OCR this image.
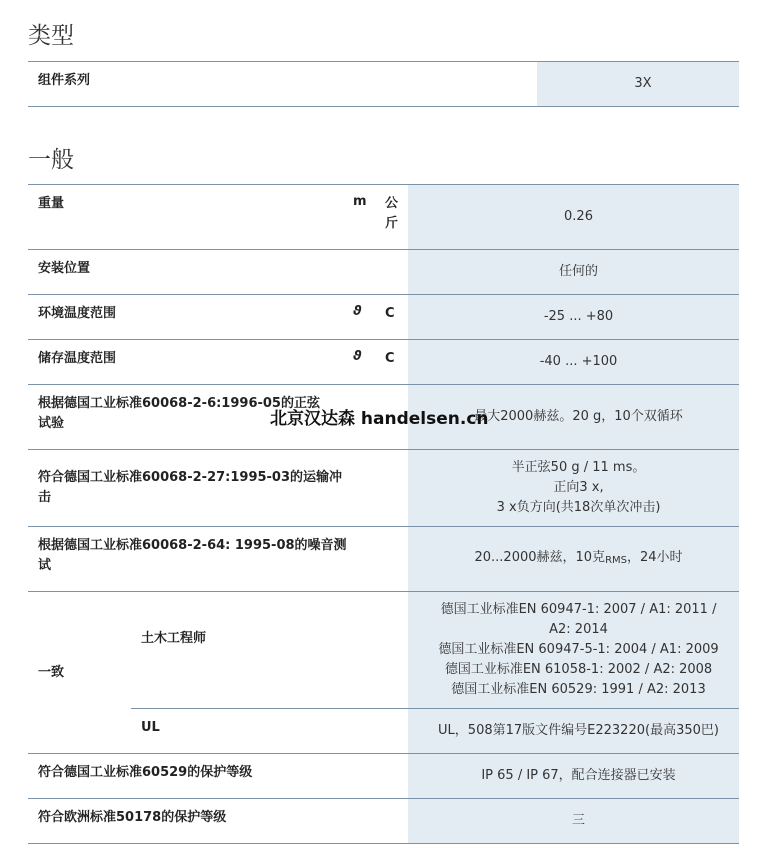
类型
组件系列	3X
一般
重量		m	公斤	0.26
安装位置				任何的
环境温度范围		ϑ	C	-25 ... +80
储存温度范围		ϑ	C	-40 ... +100
根据德国工业标准60068-2-6:1996-05的正弦试验				最大2000赫兹。20 g，10个双循环
符合德国工业标准60068-2-27:1995-03的运输冲击				半正弦50 g / 11 ms。
正向3 x,
3 x负方向(共18次单次冲击)

根据德国工业标准60068-2-64: 1995-08的噪音测试				20...2000赫兹，10克$_{RMS}$，24小时
一致	土木工程师			德国工业标准EN 60947-1: 2007 / A1: 2011 /
A2: 2014
德国工业标准EN 60947-5-1: 2004 / A1: 2009
德国工业标准EN 61058-1: 2002 / A2: 2008
德国工业标准EN 60529: 1991 / A2: 2013

	UL			UL，508第17版文件编号E223220(最高350巴)
符合德国工业标准60529的保护等级				IP 65 / IP 67，配合连接器已安装
符合欧洲标准50178的保护等级				三
北京汉达森 handelsen.cn
